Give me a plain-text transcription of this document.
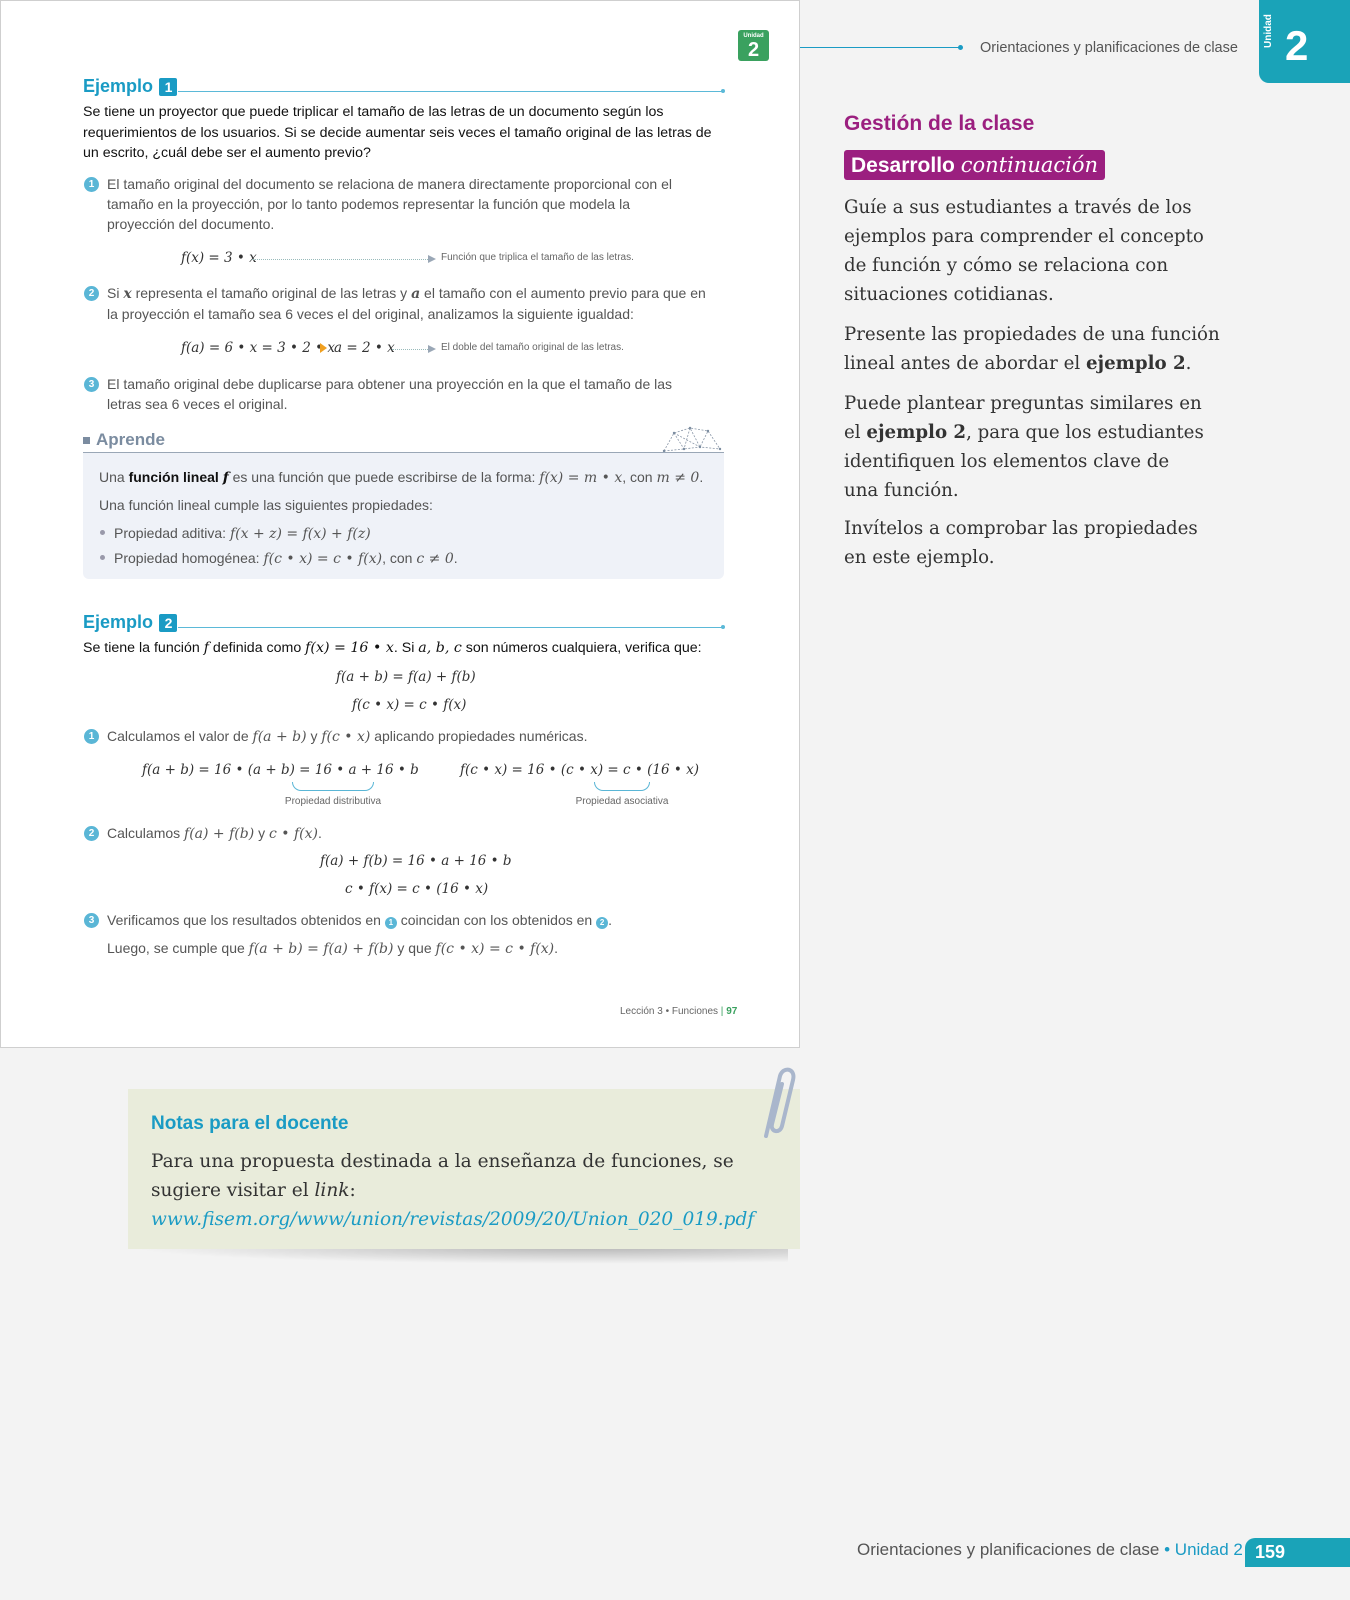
Unidad
2
Ejemplo 1
Se tiene un proyector que puede triplicar el tamaño de las letras de un documento según los requerimientos de los usuarios. Si se decide aumentar seis veces el tamaño original de las letras de un escrito, ¿cuál debe ser el aumento previo?
1 El tamaño original del documento se relaciona de manera directamente proporcional con el tamaño en la proyección, por lo tanto podemos representar la función que modela la proyección del documento.
f(x) = 3 • x	Función que triplica el tamaño de las letras.
2 Si x representa el tamaño original de las letras y a el tamaño con el aumento previo para que en la proyección el tamaño sea 6 veces el del original, analizamos la siguiente igualdad:
f(a) = 6 • x = 3 • 2 • x a = 2 • x	El doble del tamaño original de las letras.
3 El tamaño original debe duplicarse para obtener una proyección en la que el tamaño de las letras sea 6 veces el original.
Aprende
Una función lineal f es una función que puede escribirse de la forma: f(x) = m • x, con m ≠ 0.
Una función lineal cumple las siguientes propiedades:
Propiedad aditiva: f(x + z) = f(x) + f(z)
Propiedad homogénea: f(c • x) = c • f(x), con c ≠ 0.
Ejemplo 2
Se tiene la función f definida como f(x) = 16 • x. Si a, b, c son números cualquiera, verifica que:
f(a + b) = f(a) + f(b)
f(c • x) = c • f(x)
1 Calculamos el valor de f(a + b) y f(c • x) aplicando propiedades numéricas.
f(a + b) = 16 • (a + b) = 16 • a + 16 • b
Propiedad distributiva
f(c • x) = 16 • (c • x) = c • (16 • x)
Propiedad asociativa
2 Calculamos f(a) + f(b) y c • f(x).
f(a) + f(b) = 16 • a + 16 • b
c • f(x) = c • (16 • x)
3 Verificamos que los resultados obtenidos en 1 coincidan con los obtenidos en 2 .
Luego, se cumple que f(a + b) = f(a) + f(b) y que f(c • x) = c • f(x).
Lección 3 • Funciones | 97
Orientaciones y planificaciones de clase	Unidad 2
Gestión de la clase
Desarrollo continuación
Guíe a sus estudiantes a través de los ejemplos para comprender el concepto de función y cómo se relaciona con situaciones cotidianas.
Presente las propiedades de una función lineal antes de abordar el ejemplo 2.
Puede plantear preguntas similares en el ejemplo 2, para que los estudiantes identifiquen los elementos clave de una función.
Invítelos a comprobar las propiedades en este ejemplo.
Notas para el docente
Para una propuesta destinada a la enseñanza de funciones, se sugiere visitar el link:
www.fisem.org/www/union/revistas/2009/20/Union_020_019.pdf
Orientaciones y planificaciones de clase • Unidad 2 159
